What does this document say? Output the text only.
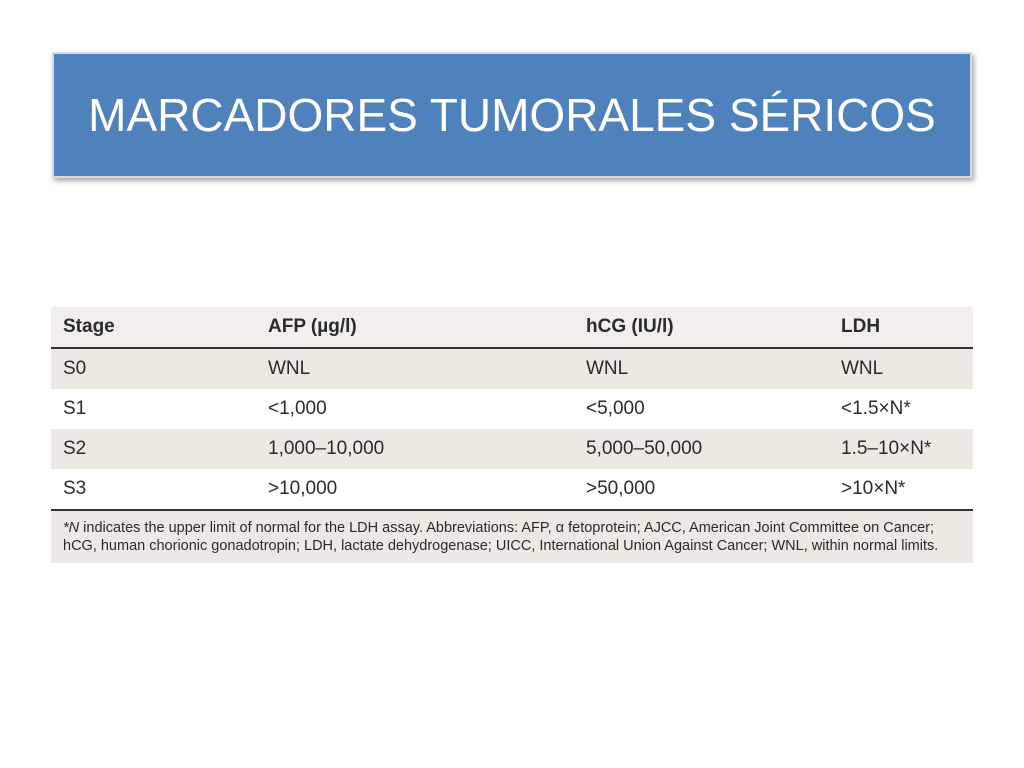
MARCADORES TUMORALES SÉRICOS
Stage	AFP (µg/l)	hCG (IU/l)	LDH
S0	WNL	WNL	WNL
S1	<1,000	<5,000	<1.5×N*
S2	1,000–10,000	5,000–50,000	1.5–10×N*
S3	>10,000	>50,000	>10×N*
*N indicates the upper limit of normal for the LDH assay. Abbreviations: AFP, α fetoprotein; AJCC, American Joint Committee on Cancer; hCG, human chorionic gonadotropin; LDH, lactate dehydrogenase; UICC, International Union Against Cancer; WNL, within normal limits.
